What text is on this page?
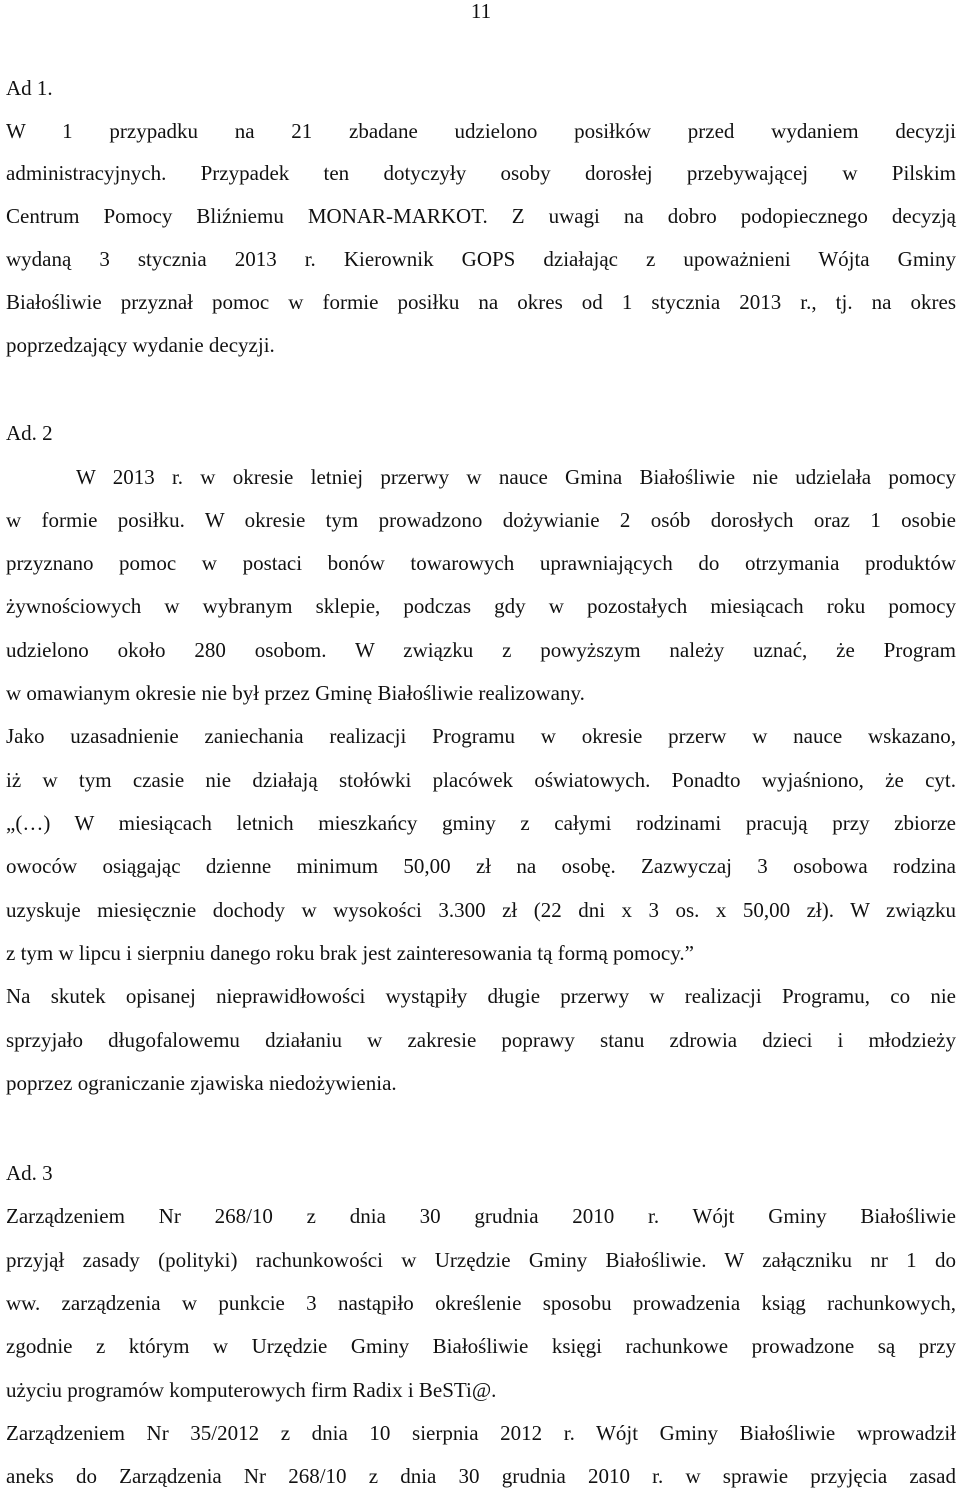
11
Ad 1.
W 1 przypadku na 21 zbadane udzielono posiłków przed wydaniem decyzji
administracyjnych. Przypadek ten dotyczyły osoby dorosłej przebywającej w Pilskim
Centrum Pomocy Bliźniemu MONAR-MARKOT. Z uwagi na dobro podopiecznego decyzją
wydaną 3 stycznia 2013 r. Kierownik GOPS działając z upoważnieni Wójta Gminy
Białośliwie przyznał pomoc w formie posiłku na okres od 1 stycznia 2013 r., tj. na okres
poprzedzający wydanie decyzji.
Ad. 2
W 2013 r. w okresie letniej przerwy w nauce Gmina Białośliwie nie udzielała pomocy
w formie posiłku. W okresie tym prowadzono dożywianie 2 osób dorosłych oraz 1 osobie
przyznano pomoc w postaci bonów towarowych uprawniających do otrzymania produktów
żywnościowych w wybranym sklepie, podczas gdy w pozostałych miesiącach roku pomocy
udzielono około 280 osobom. W związku z powyższym należy uznać, że Program
w omawianym okresie nie był przez Gminę Białośliwie realizowany.
Jako uzasadnienie zaniechania realizacji Programu w okresie przerw w nauce wskazano,
iż w tym czasie nie działają stołówki placówek oświatowych. Ponadto wyjaśniono, że cyt.
„(…) W miesiącach letnich mieszkańcy gminy z całymi rodzinami pracują przy zbiorze
owoców osiągając dzienne minimum 50,00 zł na osobę. Zazwyczaj 3 osobowa rodzina
uzyskuje miesięcznie dochody w wysokości 3.300 zł (22 dni x 3 os. x 50,00 zł). W związku
z tym w lipcu i sierpniu danego roku brak jest zainteresowania tą formą pomocy.”
Na skutek opisanej nieprawidłowości wystąpiły długie przerwy w realizacji Programu, co nie
sprzyjało długofalowemu działaniu w zakresie poprawy stanu zdrowia dzieci i młodzieży
poprzez ograniczanie zjawiska niedożywienia.
Ad. 3
Zarządzeniem Nr 268/10 z dnia 30 grudnia 2010 r. Wójt Gminy Białośliwie
przyjął zasady (polityki) rachunkowości w Urzędzie Gminy Białośliwie. W załączniku nr 1 do
ww. zarządzenia w punkcie 3 nastąpiło określenie sposobu prowadzenia ksiąg rachunkowych,
zgodnie z którym w Urzędzie Gminy Białośliwie księgi rachunkowe prowadzone są przy
użyciu programów komputerowych firm Radix i BeSTi@.
Zarządzeniem Nr 35/2012 z dnia 10 sierpnia 2012 r. Wójt Gminy Białośliwie wprowadził
aneks do Zarządzenia Nr 268/10 z dnia 30 grudnia 2010 r. w sprawie przyjęcia zasad
